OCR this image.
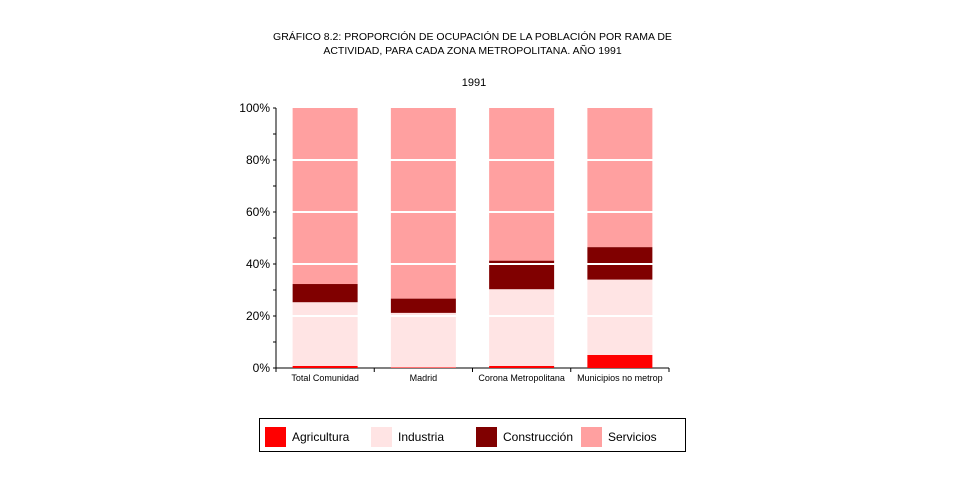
GRÁFICO 8.2: PROPORCIÓN DE OCUPACIÓN DE LA POBLACIÓN POR RAMA DE
ACTIVIDAD, PARA CADA ZONA METROPOLITANA. AÑO 1991
1991
0%
20%
40%
60%
80%
100%
Total Comunidad	Madrid	Corona Metropolitana Municipios no metrop
Agricultura	Industria	Construcción	Servicios
